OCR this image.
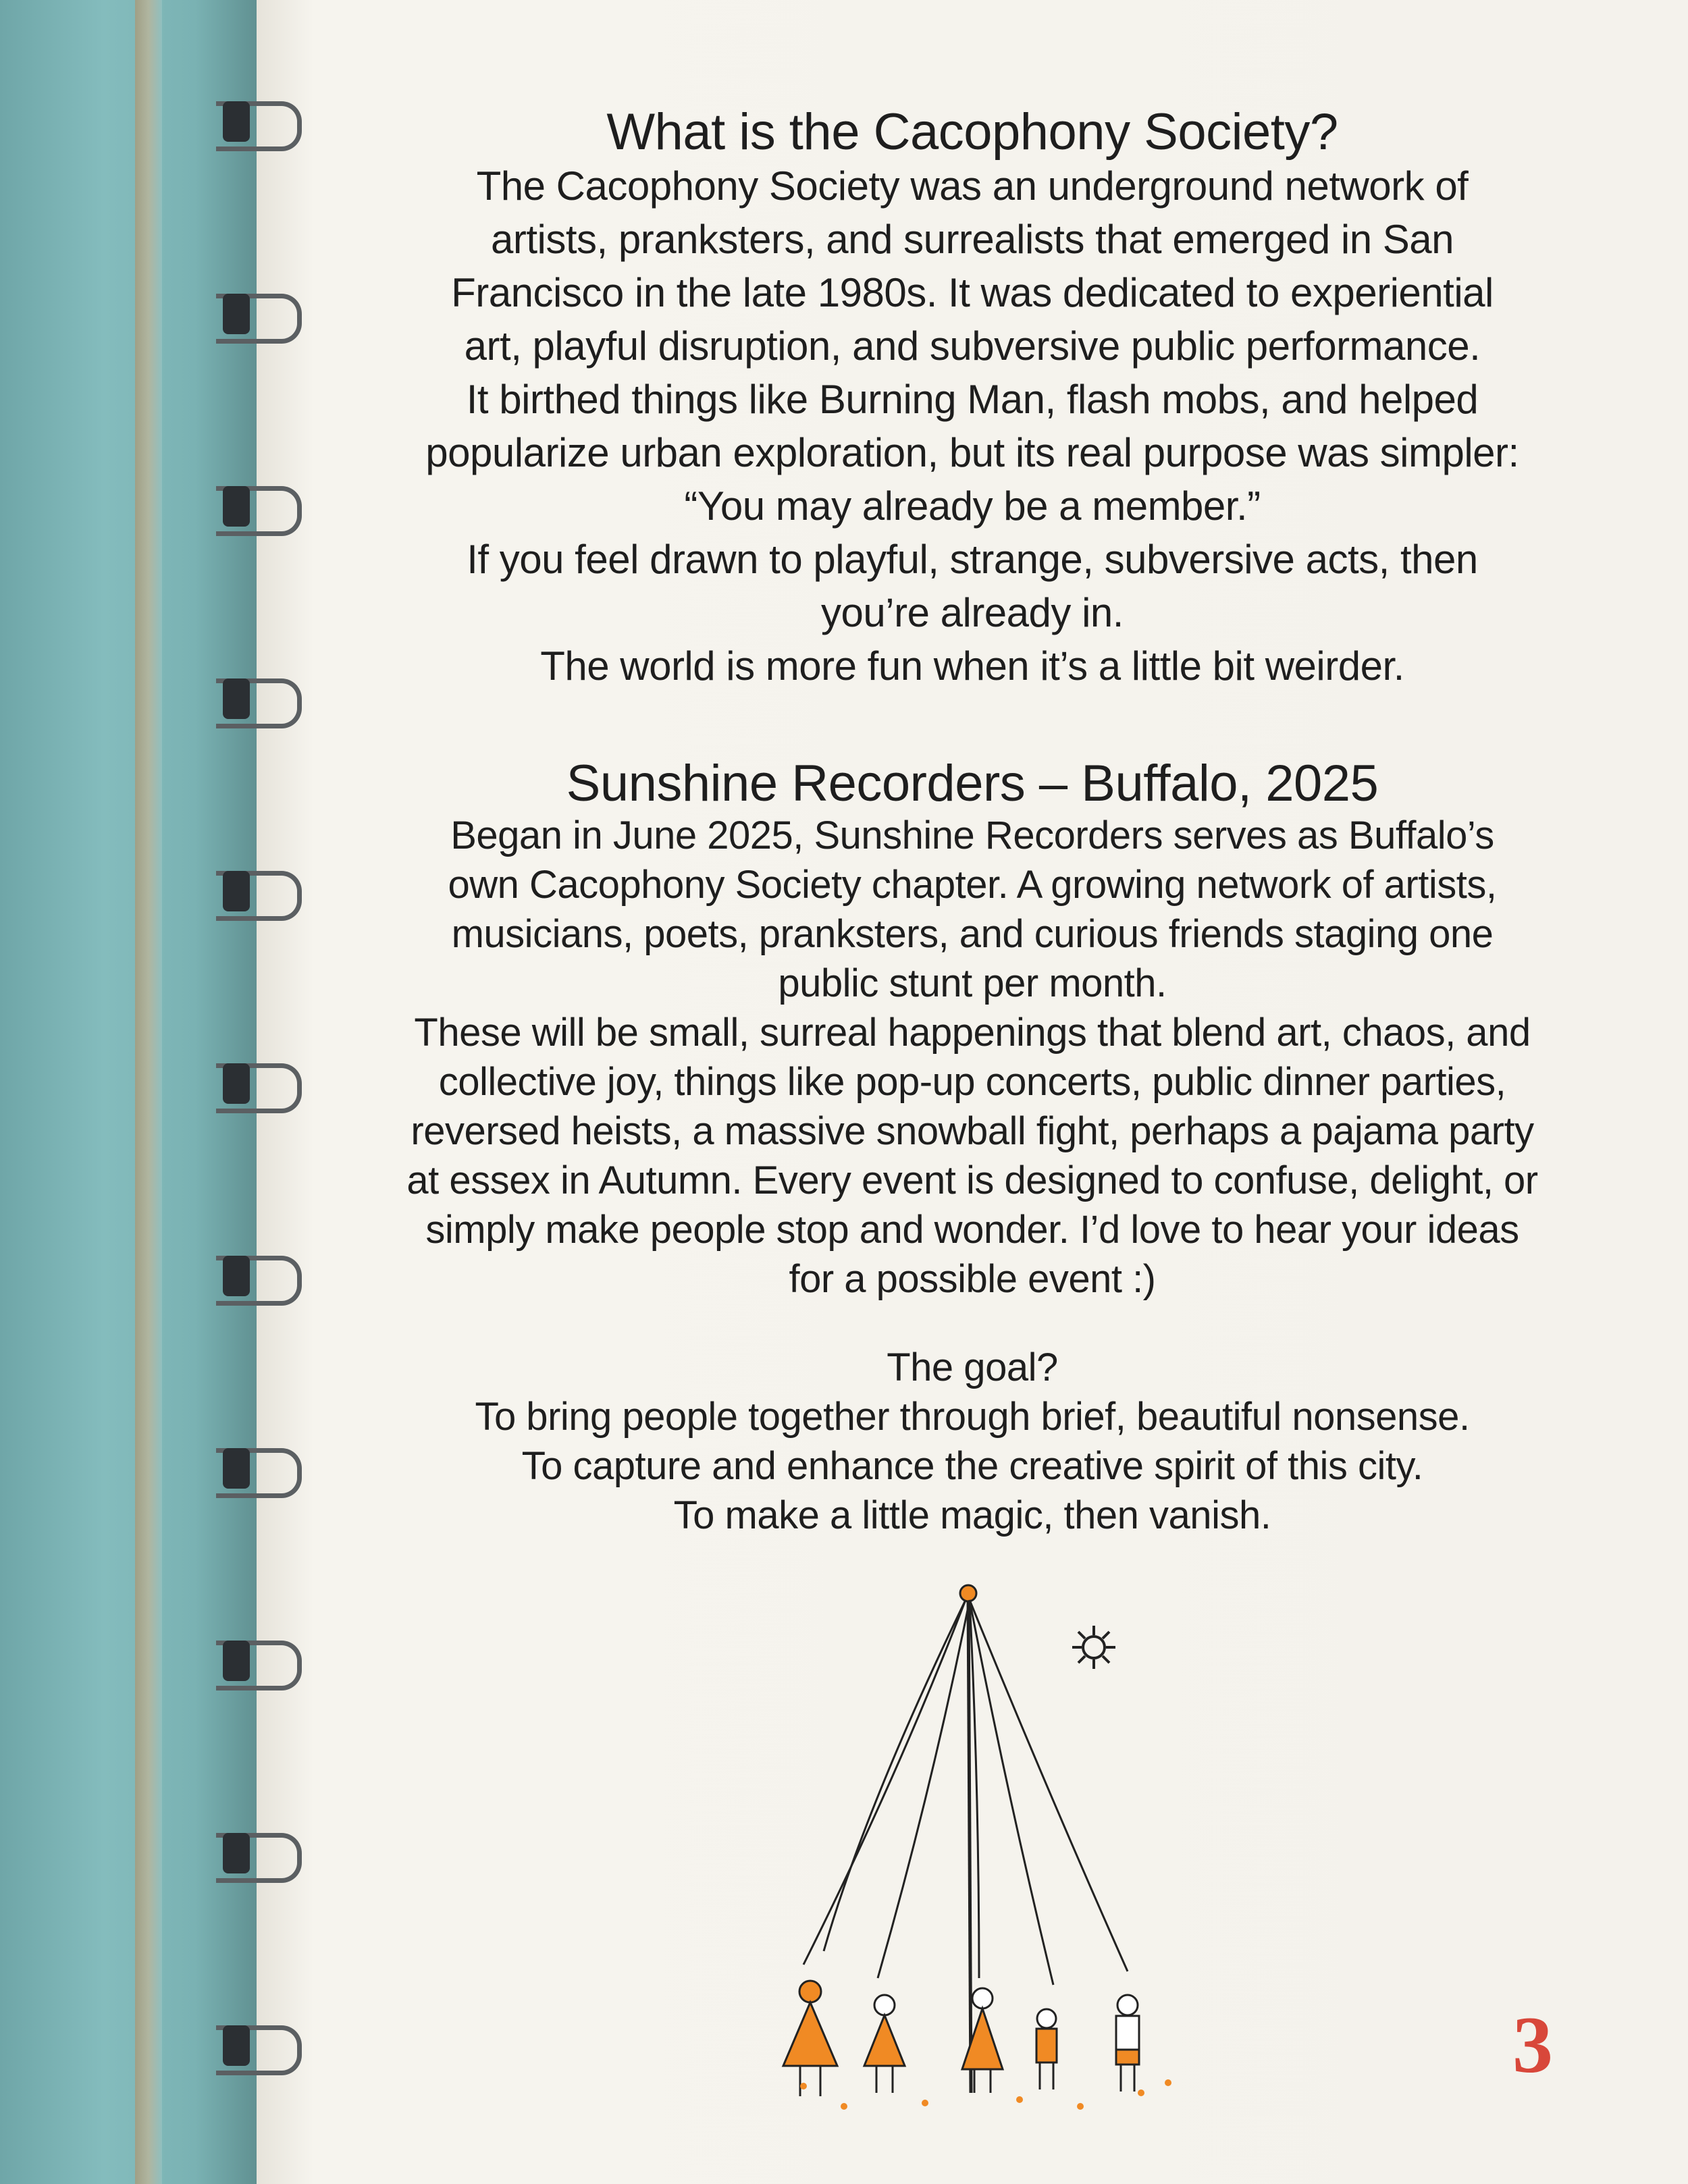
What is the Cacophony Society?
The Cacophony Society was an underground network of
artists, pranksters, and surrealists that emerged in San
Francisco in the late 1980s. It was dedicated to experiential
art, playful disruption, and subversive public performance.
It birthed things like Burning Man, flash mobs, and helped
popularize urban exploration, but its real purpose was simpler:
“You may already be a member.”
If you feel drawn to playful, strange, subversive acts, then
you’re already in.
The world is more fun when it’s a little bit weirder.
Sunshine Recorders – Buffalo, 2025
Began in June 2025, Sunshine Recorders serves as Buffalo’s
own Cacophony Society chapter. A growing network of artists,
musicians, poets, pranksters, and curious friends staging one
public stunt per month.
These will be small, surreal happenings that blend art, chaos, and
collective joy, things like pop-up concerts, public dinner parties,
reversed heists, a massive snowball fight, perhaps a pajama party
at essex in Autumn. Every event is designed to confuse, delight, or
simply make people stop and wonder. I’d love to hear your ideas
for a possible event :)
The goal?
To bring people together through brief, beautiful nonsense.
To capture and enhance the creative spirit of this city.
To make a little magic, then vanish.
3
